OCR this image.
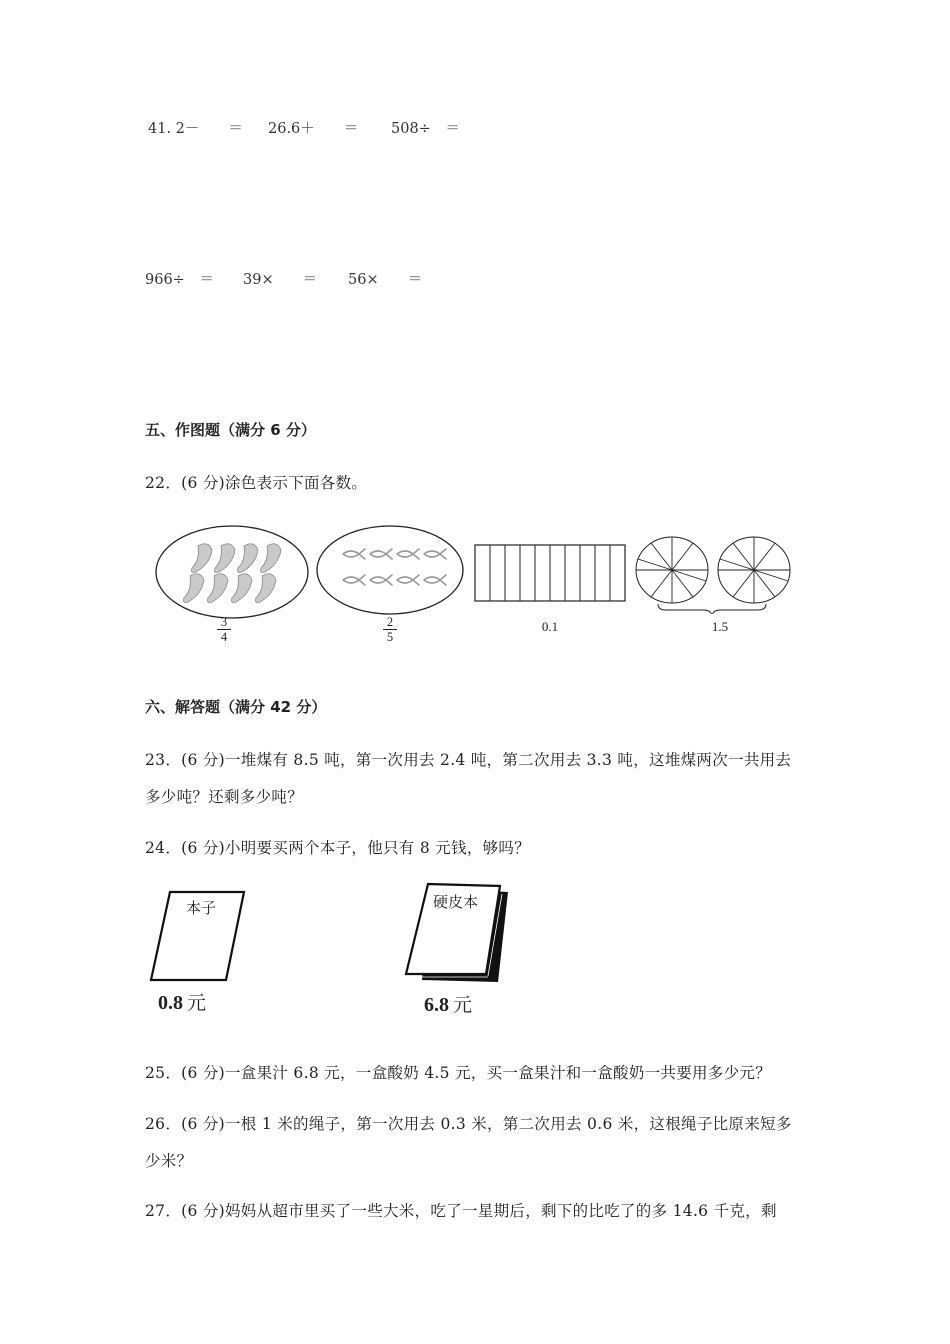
41. 2－　　＝ 26.6＋　　＝ 508÷　＝
966÷　＝ 39×　　＝ 56×　　＝
五、作图题（满分 6 分）
22．(6 分)涂色表示下面各数。
3
4
2
5
0.1	1.5
六、解答题（满分 42 分）
23．(6 分)一堆煤有 8.5 吨，第一次用去 2.4 吨，第二次用去 3.3 吨，这堆煤两次一共用去
多少吨？还剩多少吨？
24．(6 分)小明要买两个本子，他只有 8 元钱，够吗？
本子
0.8 元
硬皮本
6.8 元
25．(6 分)一盒果汁 6.8 元，一盒酸奶 4.5 元，买一盒果汁和一盒酸奶一共要用多少元？
26．(6 分)一根 1 米的绳子，第一次用去 0.3 米，第二次用去 0.6 米，这根绳子比原来短多
少米？
27．(6 分)妈妈从超市里买了一些大米，吃了一星期后，剩下的比吃了的多 14.6 千克，剩
